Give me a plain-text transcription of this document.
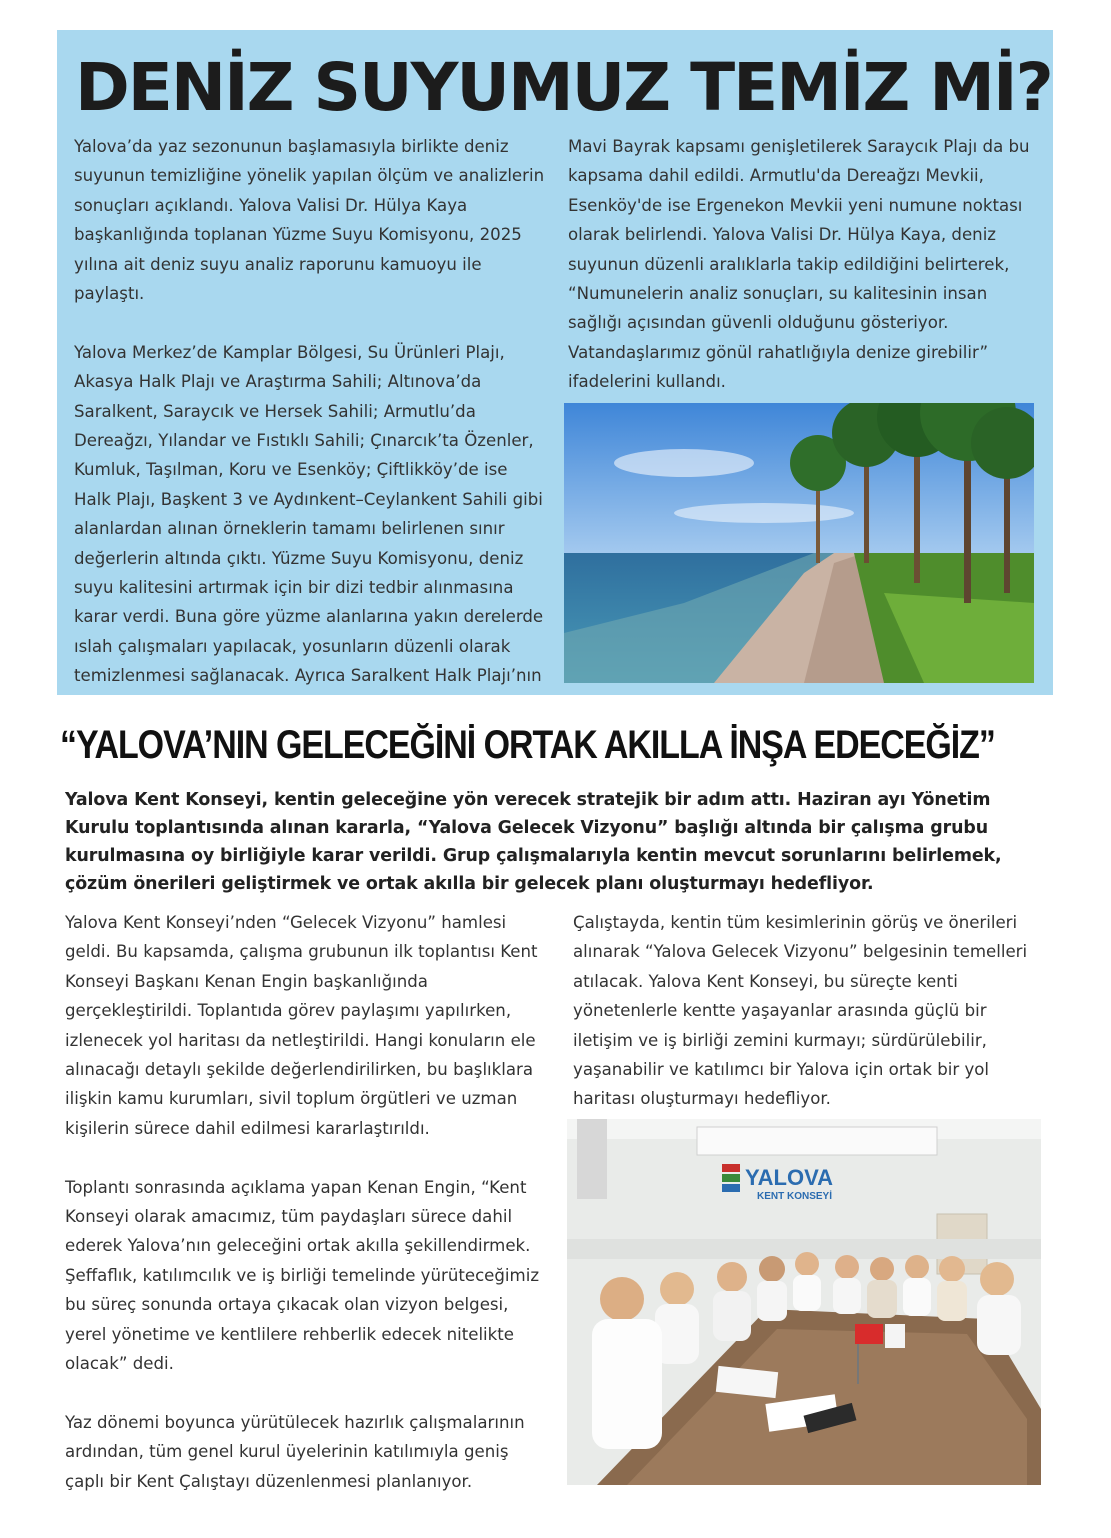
DENİZ SUYUMUZ TEMİZ Mİ?

Yalova’da yaz sezonunun başlamasıyla birlikte deniz suyunun temizliğine yönelik yapılan ölçüm ve analizlerin sonuçları açıklandı. Yalova Valisi Dr. Hülya Kaya başkanlığında toplanan Yüzme Suyu Komisyonu, 2025 yılına ait deniz suyu analiz raporunu kamuoyu ile paylaştı.

Yalova Merkez’de Kamplar Bölgesi, Su Ürünleri Plajı, Akasya Halk Plajı ve Araştırma Sahili; Altınova’da Saralkent, Saraycık ve Hersek Sahili; Armutlu’da Dereağzı, Yılandar ve Fıstıklı Sahili; Çınarcık’ta Özenler, Kumluk, Taşılman, Koru ve Esenköy; Çiftlikköy’de ise Halk Plajı, Başkent 3 ve Aydınkent–Ceylankent Sahili gibi alanlardan alınan örneklerin tamamı belirlenen sınır değerlerin altında çıktı. Yüzme Suyu Komisyonu, deniz suyu kalitesini artırmak için bir dizi tedbir alınmasına karar verdi. Buna göre yüzme alanlarına yakın derelerde ıslah çalışmaları yapılacak, yosunların düzenli olarak temizlenmesi sağlanacak. Ayrıca Saralkent Halk Plajı’nın

Mavi Bayrak kapsamı genişletilerek Saraycık Plajı da bu kapsama dahil edildi. Armutlu'da Dereağzı Mevkii, Esenköy'de ise Ergenekon Mevkii yeni numune noktası olarak belirlendi. Yalova Valisi Dr. Hülya Kaya, deniz suyunun düzenli aralıklarla takip edildiğini belirterek, “Numunelerin analiz sonuçları, su kalitesinin insan sağlığı açısından güvenli olduğunu gösteriyor. Vatandaşlarımız gönül rahatlığıyla denize girebilir” ifadelerini kullandı.

“YALOVA’NIN GELECEĞİNİ ORTAK AKILLA İNŞA EDECEĞİZ”

Yalova Kent Konseyi, kentin geleceğine yön verecek stratejik bir adım attı. Haziran ayı Yönetim Kurulu toplantısında alınan kararla, “Yalova Gelecek Vizyonu” başlığı altında bir çalışma grubu kurulmasına oy birliğiyle karar verildi. Grup çalışmalarıyla kentin mevcut sorunlarını belirlemek, çözüm önerileri geliştirmek ve ortak akılla bir gelecek planı oluşturmayı hedefliyor.

Yalova Kent Konseyi’nden “Gelecek Vizyonu” hamlesi geldi. Bu kapsamda, çalışma grubunun ilk toplantısı Kent Konseyi Başkanı Kenan Engin başkanlığında gerçekleştirildi. Toplantıda görev paylaşımı yapılırken, izlenecek yol haritası da netleştirildi. Hangi konuların ele alınacağı detaylı şekilde değerlendirilirken, bu başlıklara ilişkin kamu kurumları, sivil toplum örgütleri ve uzman kişilerin sürece dahil edilmesi kararlaştırıldı.

Toplantı sonrasında açıklama yapan Kenan Engin, “Kent Konseyi olarak amacımız, tüm paydaşları sürece dahil ederek Yalova’nın geleceğini ortak akılla şekillendirmek. Şeffaflık, katılımcılık ve iş birliği temelinde yürüteceğimiz bu süreç sonunda ortaya çıkacak olan vizyon belgesi, yerel yönetime ve kentlilere rehberlik edecek nitelikte olacak” dedi.

Yaz dönemi boyunca yürütülecek hazırlık çalışmalarının ardından, tüm genel kurul üyelerinin katılımıyla geniş çaplı bir Kent Çalıştayı düzenlenmesi planlanıyor.

Çalıştayda, kentin tüm kesimlerinin görüş ve önerileri alınarak “Yalova Gelecek Vizyonu” belgesinin temelleri atılacak. Yalova Kent Konseyi, bu süreçte kenti yönetenlerle kentte yaşayanlar arasında güçlü bir iletişim ve iş birliği zemini kurmayı; sürdürülebilir, yaşanabilir ve katılımcı bir Yalova için ortak bir yol haritası oluşturmayı hedefliyor.

YALOVA
KENT KONSEYİ
